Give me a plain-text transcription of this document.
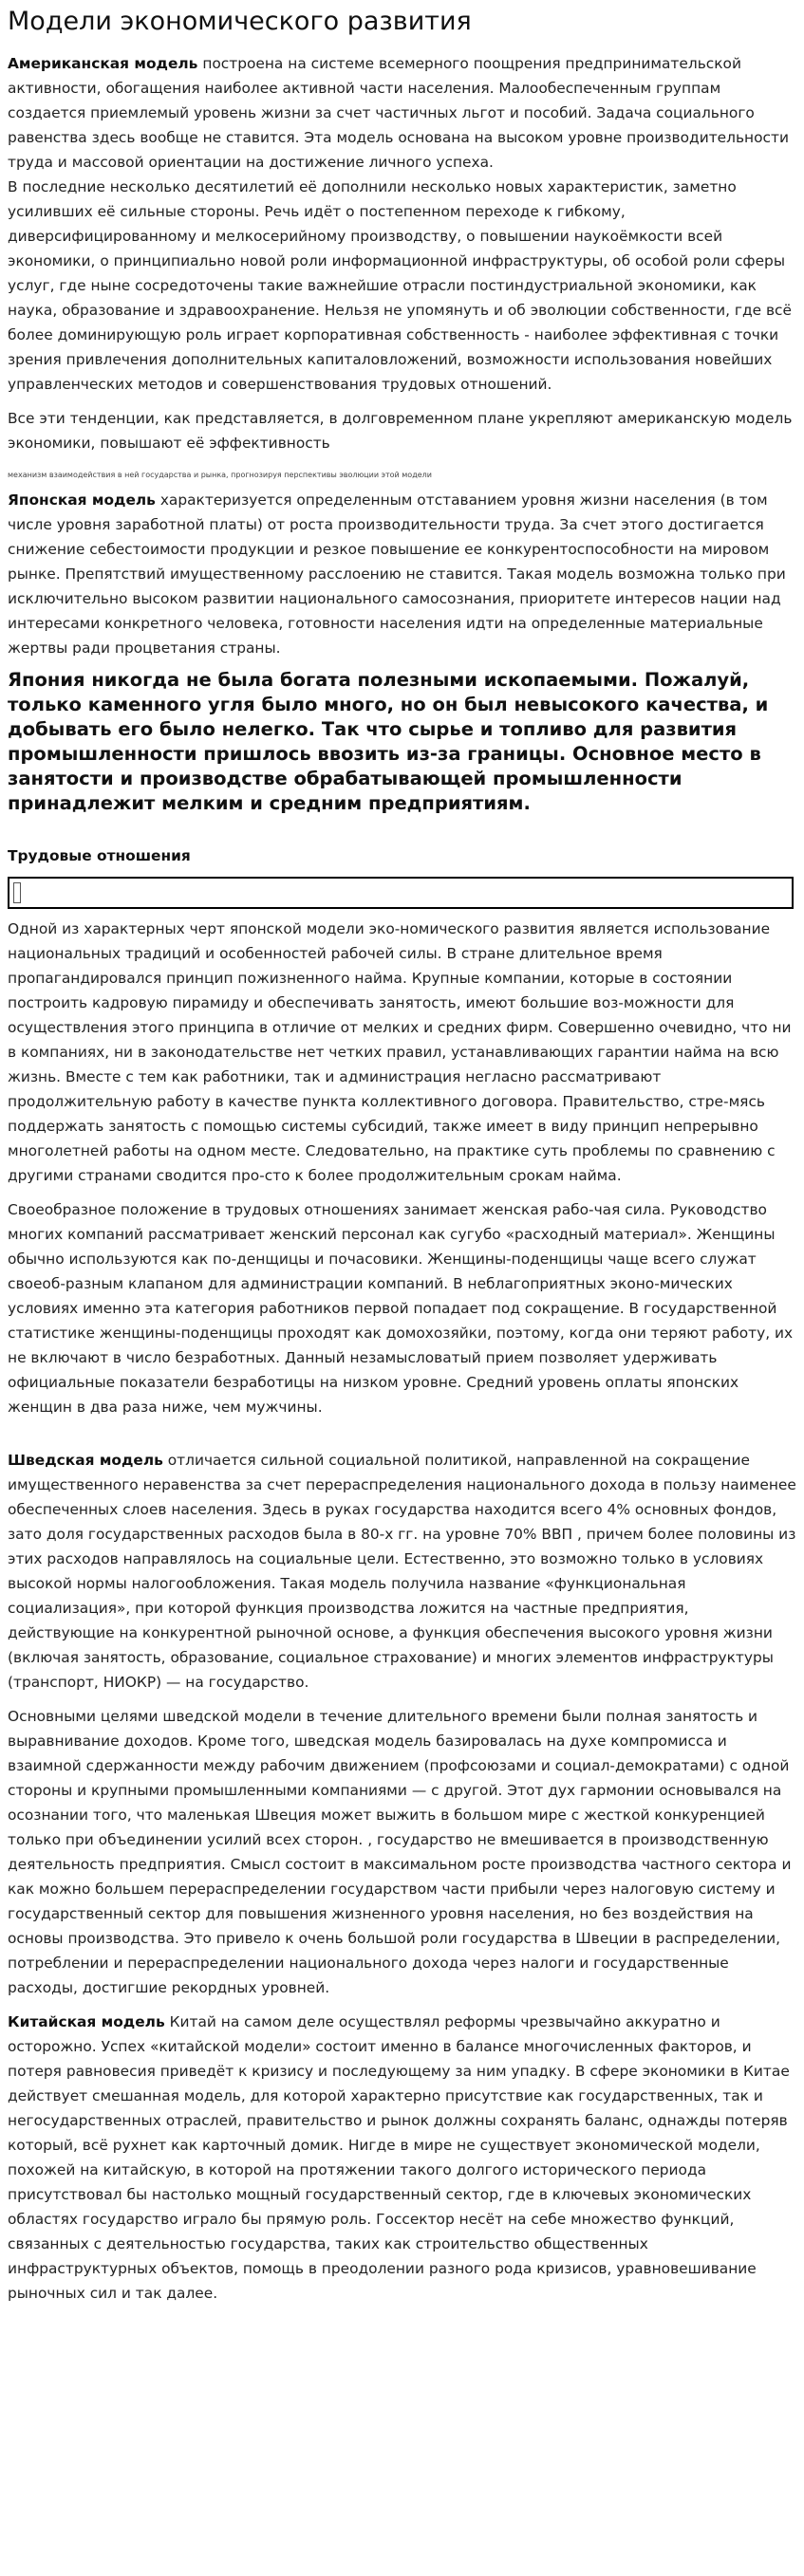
Модели экономического развития

Американская модель построена на системе всемерного поощрения предпринимательской активности, обогащения наиболее активной части населения. Малообеспеченным группам создается приемлемый уровень жизни за счет частичных льгот и пособий. Задача социального равенства здесь вообще не ставится. Эта модель основана на высоком уровне производительности труда и массовой ориентации на достижение личного успеха.

В последние несколько десятилетий её дополнили несколько новых характеристик, заметно усиливших её сильные стороны. Речь идёт о постепенном переходе к гибкому, диверсифицированному и мелкосерийному производству, о повышении наукоёмкости всей экономики, о принципиально новой роли информационной инфраструктуры, об особой роли сферы услуг, где ныне сосредоточены такие важнейшие отрасли постиндустриальной экономики, как наука, образование и здравоохранение. Нельзя не упомянуть и об эволюции собственности, где всё более доминирующую роль играет корпоративная собственность - наиболее эффективная с точки зрения привлечения дополнительных капиталовложений, возможности использования новейших управленческих методов и совершенствования трудовых отношений.

Все эти тенденции, как представляется, в долговременном плане укрепляют американскую модель экономики, повышают её эффективность

механизм взаимодействия в ней государства и рынка, прогнозируя перспективы эволюции этой модели

Японская модель характеризуется определенным отставанием уровня жизни населения (в том числе уровня заработной платы) от роста производительности труда. За счет этого достигается снижение себестоимости продукции и резкое повышение ее конкурентоспособности на мировом рынке. Препятствий имущественному расслоению не ставится. Такая модель возможна только при исключительно высоком развитии национального самосознания, приоритете интересов нации над интересами конкретного человека, готовности населения идти на определенные материальные жертвы ради процветания страны.

Япония никогда не была богата полезными ископаемыми. Пожалуй, только каменного угля было много, но он был невысокого качества, и добывать его было нелегко. Так что сырье и топливо для развития промышленности пришлось ввозить из-за границы. Основное место в занятости и производстве обрабатывающей промышленности принадлежит мелким и средним предприятиям.

Трудовые отношения

Одной из характерных черт японской модели эко-номического развития является использование национальных традиций и особенностей рабочей силы. В стране длительное время пропагандировался принцип пожизненного найма. Крупные компании, которые в состоянии построить кадровую пирамиду и обеспечивать занятость, имеют большие воз-можности для осуществления этого принципа в отличие от мелких и средних фирм. Совершенно очевидно, что ни в компаниях, ни в законодательстве нет четких правил, устанавливающих гарантии найма на всю жизнь. Вместе с тем как работники, так и администрация негласно рассматривают продолжительную работу в качестве пункта коллективного договора. Правительство, стре-мясь поддержать занятость с помощью системы субсидий, также имеет в виду принцип непрерывно многолетней работы на одном месте. Следовательно, на практике суть проблемы по сравнению с другими странами сводится про-сто к более продолжительным срокам найма.

Своеобразное положение в трудовых отношениях занимает женская рабо-чая сила. Руководство многих компаний рассматривает женский персонал как сугубо «расходный материал». Женщины обычно используются как по-денщицы и почасовики. Женщины-поденщицы чаще всего служат своеоб-разным клапаном для администрации компаний. В неблагоприятных эконо-мических условиях именно эта категория работников первой попадает под сокращение. В государственной статистике женщины-поденщицы проходят как домохозяйки, поэтому, когда они теряют работу, их не включают в число безработных. Данный незамысловатый прием позволяет удерживать официальные показатели безработицы на низком уровне. Средний уровень оплаты японских женщин в два раза ниже, чем мужчины.

Шведская модель отличается сильной социальной политикой, направленной на сокращение имущественного неравенства за счет перераспределения национального дохода в пользу наименее обеспеченных слоев населения. Здесь в руках государства находится всего 4% основных фондов, зато доля государственных расходов была в 80-х гг. на уровне 70% ВВП , причем более половины из этих расходов направлялось на социальные цели. Естественно, это возможно только в условиях высокой нормы налогообложения. Такая модель получила название «функциональная социализация», при которой функция производства ложится на частные предприятия, действующие на конкурентной рыночной основе, а функция обеспечения высокого уровня жизни (включая занятость, образование, социальное страхование) и многих элементов инфраструктуры (транспорт, НИОКР) — на государство.

Основными целями шведской модели в течение длительного времени были полная занятость и выравнивание доходов. Кроме того, шведская модель базировалась на духе компромисса и взаимной сдержанности между рабочим движением (профсоюзами и социал-демократами) с одной стороны и крупными промышленными компаниями — с другой. Этот дух гармонии основывался на осознании того, что маленькая Швеция может выжить в большом мире с жесткой конкуренцией только при объединении усилий всех сторон. , государство не вмешивается в производственную деятельность предприятия. Смысл состоит в максимальном росте производства частного сектора и как можно большем перераспределении государством части прибыли через налоговую систему и государственный сектор для повышения жизненного уровня населения, но без воздействия на основы производства. Это привело к очень большой роли государства в Швеции в распределении, потреблении и перераспределении национального дохода через налоги и государственные расходы, достигшие рекордных уровней.

Китайская модель Китай на самом деле осуществлял реформы чрезвычайно аккуратно и осторожно. Успех «китайской модели» состоит именно в балансе многочисленных факторов, и потеря равновесия приведёт к кризису и последующему за ним упадку. В сфере экономики в Китае действует смешанная модель, для которой характерно присутствие как государственных, так и негосударственных отраслей, правительство и рынок должны сохранять баланс, однажды потеряв который, всё рухнет как карточный домик. Нигде в мире не существует экономической модели, похожей на китайскую, в которой на протяжении такого долгого исторического периода присутствовал бы настолько мощный государственный сектор, где в ключевых экономических областях государство играло бы прямую роль. Госсектор несёт на себе множество функций, связанных с деятельностью государства, таких как строительство общественных инфраструктурных объектов, помощь в преодолении разного рода кризисов, уравновешивание рыночных сил и так далее.
